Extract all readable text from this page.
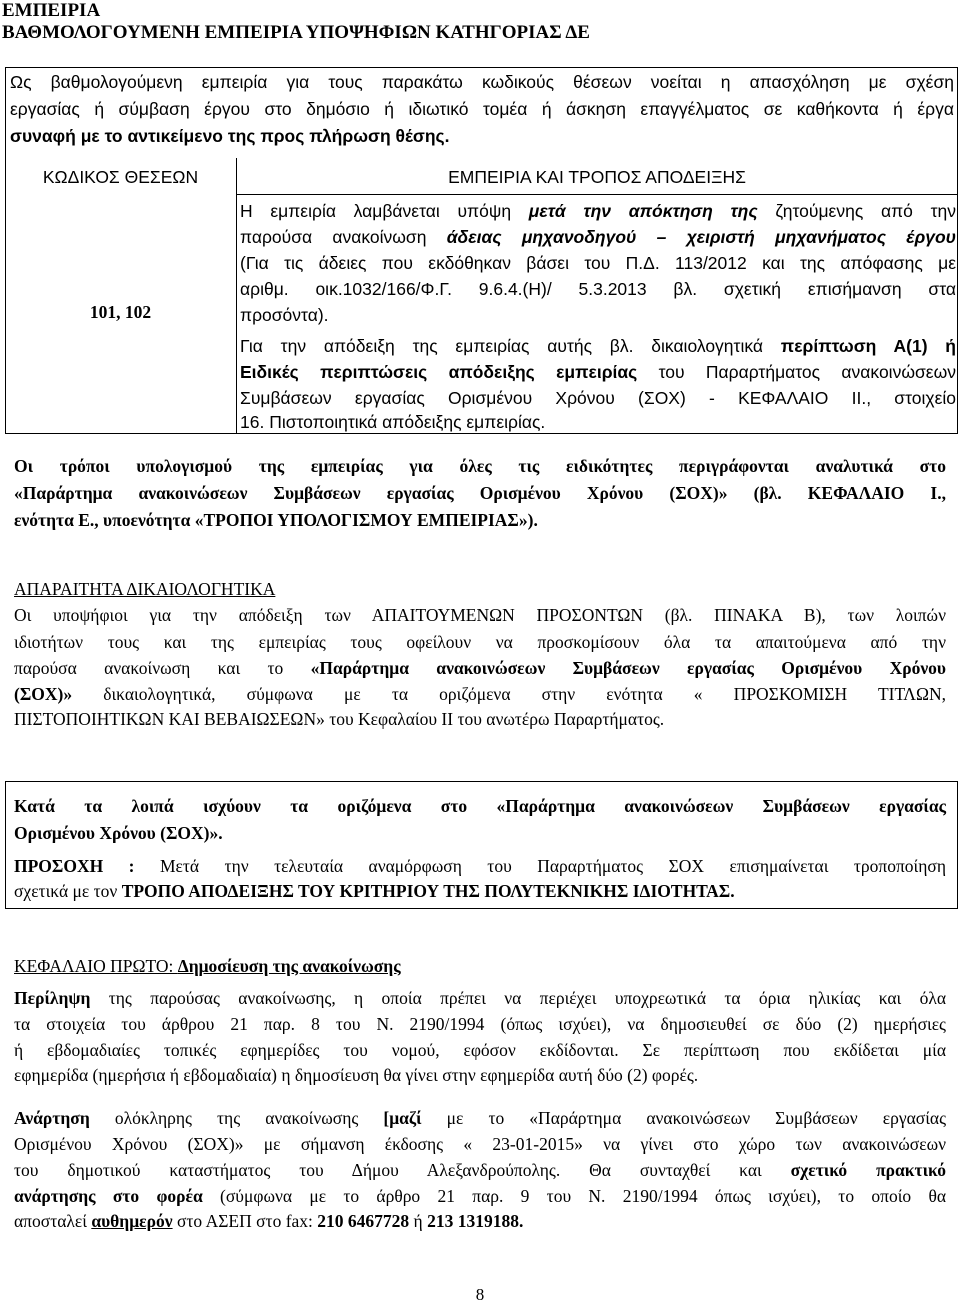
ΕΜΠΕΙΡΙΑ
ΒΑΘΜΟΛΟΓΟΥΜΕΝΗ ΕΜΠΕΙΡΙΑ ΥΠΟΨΗΦΙΩΝ ΚΑΤΗΓΟΡΙΑΣ ΔΕ
Ως βαθμολογούμενη εμπειρία για τους παρακάτω κωδικούς θέσεων νοείται η απασχόληση με σχέση
εργασίας ή σύμβαση έργου στο δημόσιο ή ιδιωτικό τομέα ή άσκηση επαγγέλματος σε καθήκοντα ή έργα
συναφή με το αντικείμενο της προς πλήρωση θέσης.
ΚΩΔΙΚΟΣ ΘΕΣΕΩΝ	ΕΜΠΕΙΡΙΑ ΚΑΙ ΤΡΟΠΟΣ ΑΠΟΔΕΙΞΗΣ
101, 102
Η εμπειρία λαμβάνεται υπόψη μετά την απόκτηση της ζητούμενης από την
παρούσα ανακοίνωση άδειας μηχανοδηγού – χειριστή μηχανήματος έργου
(Για τις άδειες που εκδόθηκαν βάσει του Π.Δ. 113/2012 και της απόφασης με
αριθμ. οικ.1032/166/Φ.Γ. 9.6.4.(Η)/ 5.3.2013 βλ. σχετική επισήμανση στα
προσόντα).
Για την απόδειξη της εμπειρίας αυτής βλ. δικαιολογητικά περίπτωση Α(1) ή
Ειδικές περιπτώσεις απόδειξης εμπειρίας του Παραρτήματος ανακοινώσεων
Συμβάσεων εργασίας Ορισμένου Χρόνου (ΣΟΧ) - ΚΕΦΑΛΑΙΟ ΙΙ., στοιχείο
16. Πιστοποιητικά απόδειξης εμπειρίας.
Οι τρόποι υπολογισμού της εμπειρίας για όλες τις ειδικότητες περιγράφονται αναλυτικά στο
«Παράρτημα ανακοινώσεων Συμβάσεων εργασίας Ορισμένου Χρόνου (ΣΟΧ)» (βλ. ΚΕΦΑΛΑΙΟ Ι.,
ενότητα Ε., υποενότητα «ΤΡΟΠΟΙ ΥΠΟΛΟΓΙΣΜΟΥ ΕΜΠΕΙΡΙΑΣ»).
ΑΠΑΡΑΙΤΗΤΑ ΔΙΚΑΙΟΛΟΓΗΤΙΚΑ
Οι υποψήφιοι για την απόδειξη των ΑΠΑΙΤΟΥΜΕΝΩΝ ΠΡΟΣΟΝΤΩΝ (βλ. ΠΙΝΑΚΑ Β), των λοιπών
ιδιοτήτων τους και της εμπειρίας τους οφείλουν να προσκομίσουν όλα τα απαιτούμενα από την
παρούσα ανακοίνωση και το «Παράρτημα ανακοινώσεων Συμβάσεων εργασίας Ορισμένου Χρόνου
(ΣΟΧ)» δικαιολογητικά, σύμφωνα με τα οριζόμενα στην ενότητα « ΠΡΟΣΚΟΜΙΣΗ ΤΙΤΛΩΝ,
ΠΙΣΤΟΠΟΙΗΤΙΚΩΝ ΚΑΙ ΒΕΒΑΙΩΣΕΩΝ» του Κεφαλαίου ΙΙ του ανωτέρω Παραρτήματος.
Κατά τα λοιπά ισχύουν τα οριζόμενα στο «Παράρτημα ανακοινώσεων Συμβάσεων εργασίας
Ορισμένου Χρόνου (ΣΟΧ)».
ΠΡΟΣΟΧΗ : Μετά την τελευταία αναμόρφωση του Παραρτήματος ΣΟΧ επισημαίνεται τροποποίηση
σχετικά με τον ΤΡΟΠΟ ΑΠΟΔΕΙΞΗΣ ΤΟΥ ΚΡΙΤΗΡΙΟΥ ΤΗΣ ΠΟΛΥΤΕΚΝΙΚΗΣ ΙΔΙΟΤΗΤΑΣ.
ΚΕΦΑΛΑΙΟ ΠΡΩΤΟ: Δημοσίευση της ανακοίνωσης
Περίληψη της παρούσας ανακοίνωσης, η οποία πρέπει να περιέχει υποχρεωτικά τα όρια ηλικίας και όλα
τα στοιχεία του άρθρου 21 παρ. 8 του Ν. 2190/1994 (όπως ισχύει), να δημοσιευθεί σε δύο (2) ημερήσιες
ή εβδομαδιαίες τοπικές εφημερίδες του νομού, εφόσον εκδίδονται. Σε περίπτωση που εκδίδεται μία
εφημερίδα (ημερήσια ή εβδομαδιαία) η δημοσίευση θα γίνει στην εφημερίδα αυτή δύο (2) φορές.
Ανάρτηση ολόκληρης της ανακοίνωσης [μαζί με το «Παράρτημα ανακοινώσεων Συμβάσεων εργασίας
Ορισμένου Χρόνου (ΣΟΧ)» με σήμανση έκδοσης « 23-01-2015» να γίνει στο χώρο των ανακοινώσεων
του δημοτικού καταστήματος του Δήμου Αλεξανδρούπολης. Θα συνταχθεί και σχετικό πρακτικό
ανάρτησης στο φορέα (σύμφωνα με το άρθρο 21 παρ. 9 του Ν. 2190/1994 όπως ισχύει), το οποίο θα
αποσταλεί αυθημερόν στο ΑΣΕΠ στο fax: 210 6467728 ή 213 1319188.
8
